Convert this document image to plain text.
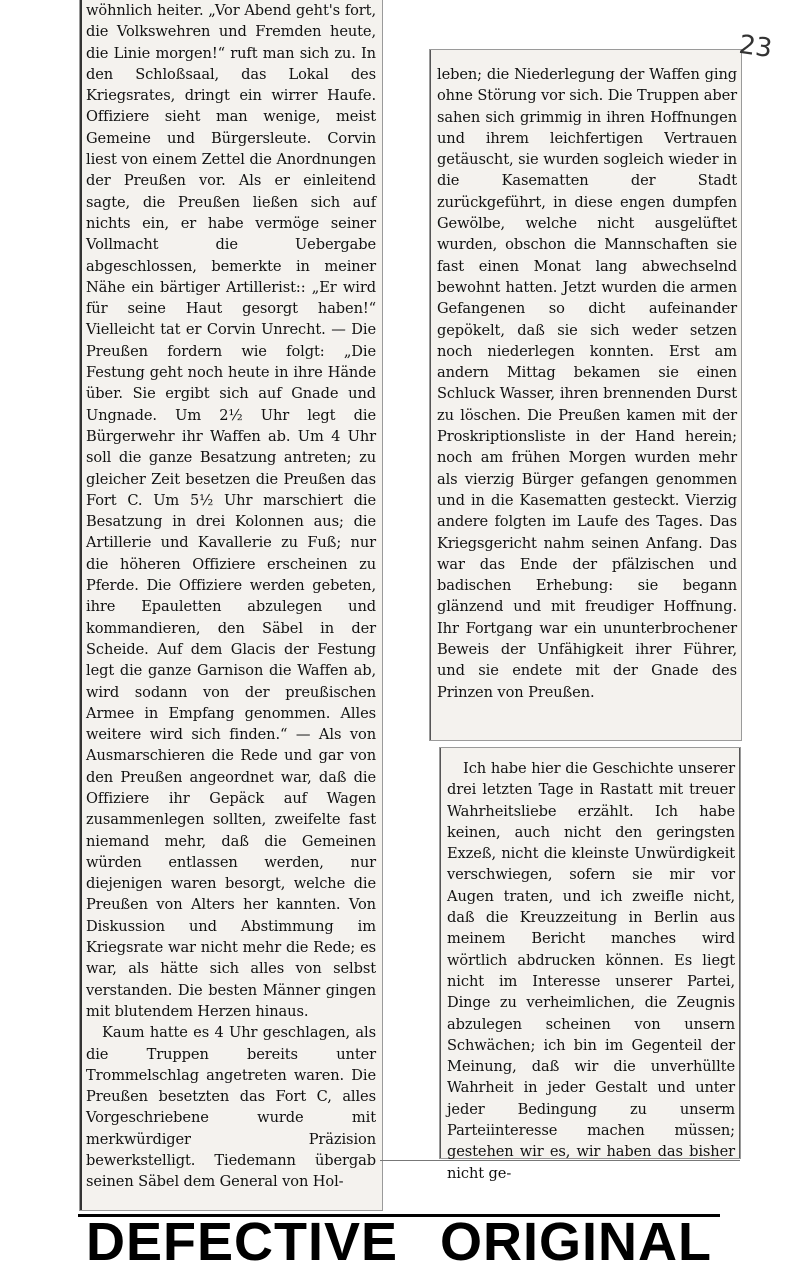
23

wöhnlich heiter. „Vor Abend geht's fort, die Volkswehren und Fremden heute, die Linie morgen!“ ruft man sich zu. In den Schloßsaal, das Lokal des Kriegsrates, dringt ein wirrer Haufe. Offiziere sieht man wenige, meist Gemeine und Bürgersleute. Corvin liest von einem Zettel die Anordnungen der Preußen vor. Als er einleitend sagte, die Preußen ließen sich auf nichts ein, er habe vermöge seiner Vollmacht die Uebergabe abgeschlossen, bemerkte in meiner Nähe ein bärtiger Artillerist:: „Er wird für seine Haut gesorgt haben!“ Vielleicht tat er Corvin Unrecht. — Die Preußen fordern wie folgt: „Die Festung geht noch heute in ihre Hände über. Sie ergibt sich auf Gnade und Ungnade. Um 2½ Uhr legt die Bürgerwehr ihr Waffen ab. Um 4 Uhr soll die ganze Besatzung antreten; zu gleicher Zeit besetzen die Preußen das Fort C. Um 5½ Uhr marschiert die Besatzung in drei Kolonnen aus; die Artillerie und Kavallerie zu Fuß; nur die höheren Offiziere erscheinen zu Pferde. Die Offiziere werden gebeten, ihre Epauletten abzulegen und kommandieren, den Säbel in der Scheide. Auf dem Glacis der Festung legt die ganze Garnison die Waffen ab, wird sodann von der preußischen Armee in Empfang genommen. Alles weitere wird sich finden.“ — Als von Ausmarschieren die Rede und gar von den Preußen angeordnet war, daß die Offiziere ihr Gepäck auf Wagen zusammenlegen sollten, zweifelte fast niemand mehr, daß die Gemeinen würden entlassen werden, nur diejenigen waren besorgt, welche die Preußen von Alters her kannten. Von Diskussion und Abstimmung im Kriegsrate war nicht mehr die Rede; es war, als hätte sich alles von selbst verstanden. Die besten Männer gingen mit blutendem Herzen hinaus.

Kaum hatte es 4 Uhr geschlagen, als die Truppen bereits unter Trommelschlag angetreten waren. Die Preußen besetzten das Fort C, alles Vorgeschriebene wurde mit merkwürdiger Präzision bewerkstelligt. Tiedemann übergab seinen Säbel dem General von Hol-

leben; die Niederlegung der Waffen ging ohne Störung vor sich. Die Truppen aber sahen sich grimmig in ihren Hoffnungen und ihrem leichfertigen Vertrauen getäuscht, sie wurden sogleich wieder in die Kasematten der Stadt zurückgeführt, in diese engen dumpfen Gewölbe, welche nicht ausgelüftet wurden, obschon die Mannschaften sie fast einen Monat lang abwechselnd bewohnt hatten. Jetzt wurden die armen Gefangenen so dicht aufeinander gepökelt, daß sie sich weder setzen noch niederlegen konnten. Erst am andern Mittag bekamen sie einen Schluck Wasser, ihren brennenden Durst zu löschen. Die Preußen kamen mit der Proskriptionsliste in der Hand herein; noch am frühen Morgen wurden mehr als vierzig Bürger gefangen genommen und in die Kasematten gesteckt. Vierzig andere folgten im Laufe des Tages. Das Kriegsgericht nahm seinen Anfang. Das war das Ende der pfälzischen und badischen Erhebung: sie begann glänzend und mit freudiger Hoffnung. Ihr Fortgang war ein ununterbrochener Beweis der Unfähigkeit ihrer Führer, und sie endete mit der Gnade des Prinzen von Preußen.

Ich habe hier die Geschichte unserer drei letzten Tage in Rastatt mit treuer Wahrheitsliebe erzählt. Ich habe keinen, auch nicht den geringsten Exzeß, nicht die kleinste Unwürdigkeit verschwiegen, sofern sie mir vor Augen traten, und ich zweifle nicht, daß die Kreuzzeitung in Berlin aus meinem Bericht manches wird wörtlich abdrucken können. Es liegt nicht im Interesse unserer Partei, Dinge zu verheimlichen, die Zeugnis abzulegen scheinen von unsern Schwächen; ich bin im Gegenteil der Meinung, daß wir die unverhüllte Wahrheit in jeder Gestalt und unter jeder Bedingung zu unserm Parteiinteresse machen müssen; gestehen wir es, wir haben das bisher nicht ge-

DEFECTIVE ORIGINAL
